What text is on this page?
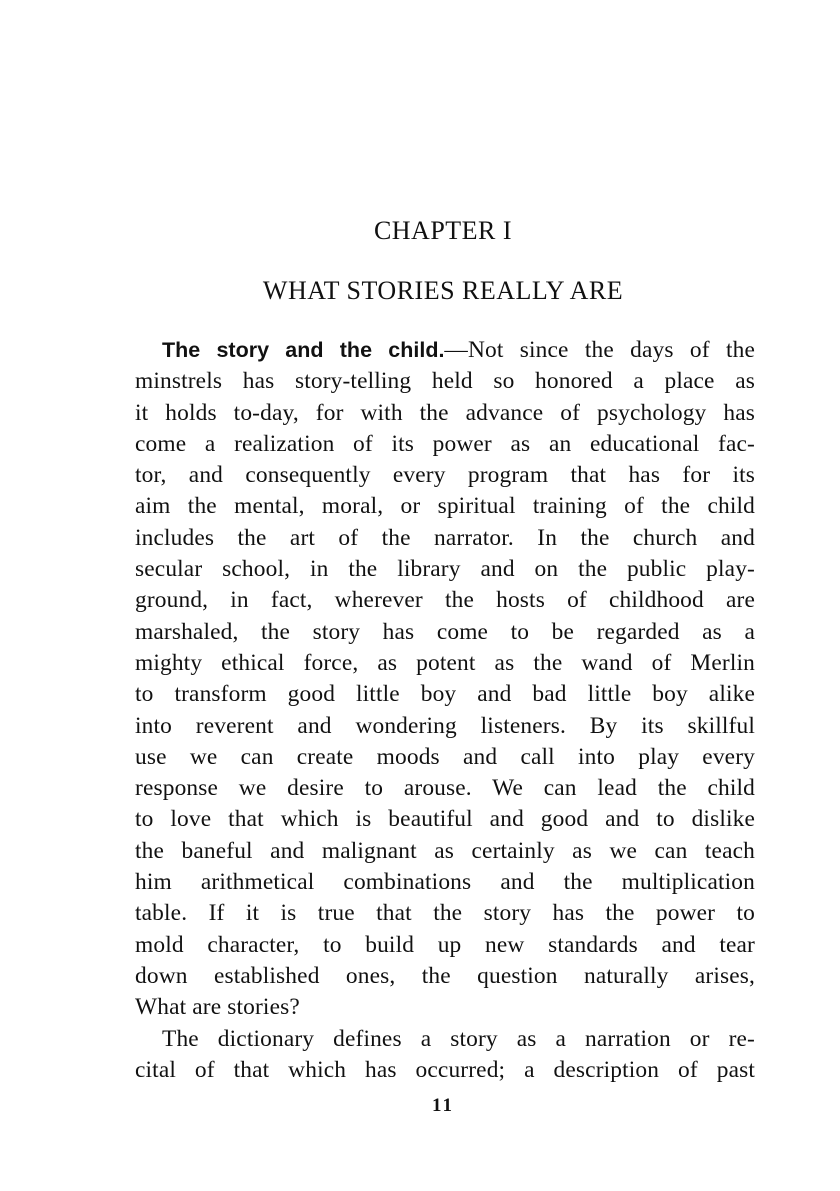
CHAPTER I
WHAT STORIES REALLY ARE
The story and the child.—Not since the days of the
minstrels has story-telling held so honored a place as
it holds to-day, for with the advance of psychology has
come a realization of its power as an educational fac-
tor, and consequently every program that has for its
aim the mental, moral, or spiritual training of the child
includes the art of the narrator. In the church and
secular school, in the library and on the public play-
ground, in fact, wherever the hosts of childhood are
marshaled, the story has come to be regarded as a
mighty ethical force, as potent as the wand of Merlin
to transform good little boy and bad little boy alike
into reverent and wondering listeners. By its skillful
use we can create moods and call into play every
response we desire to arouse. We can lead the child
to love that which is beautiful and good and to dislike
the baneful and malignant as certainly as we can teach
him arithmetical combinations and the multiplication
table. If it is true that the story has the power to
mold character, to build up new standards and tear
down established ones, the question naturally arises,
What are stories?
The dictionary defines a story as a narration or re-
cital of that which has occurred; a description of past
11
